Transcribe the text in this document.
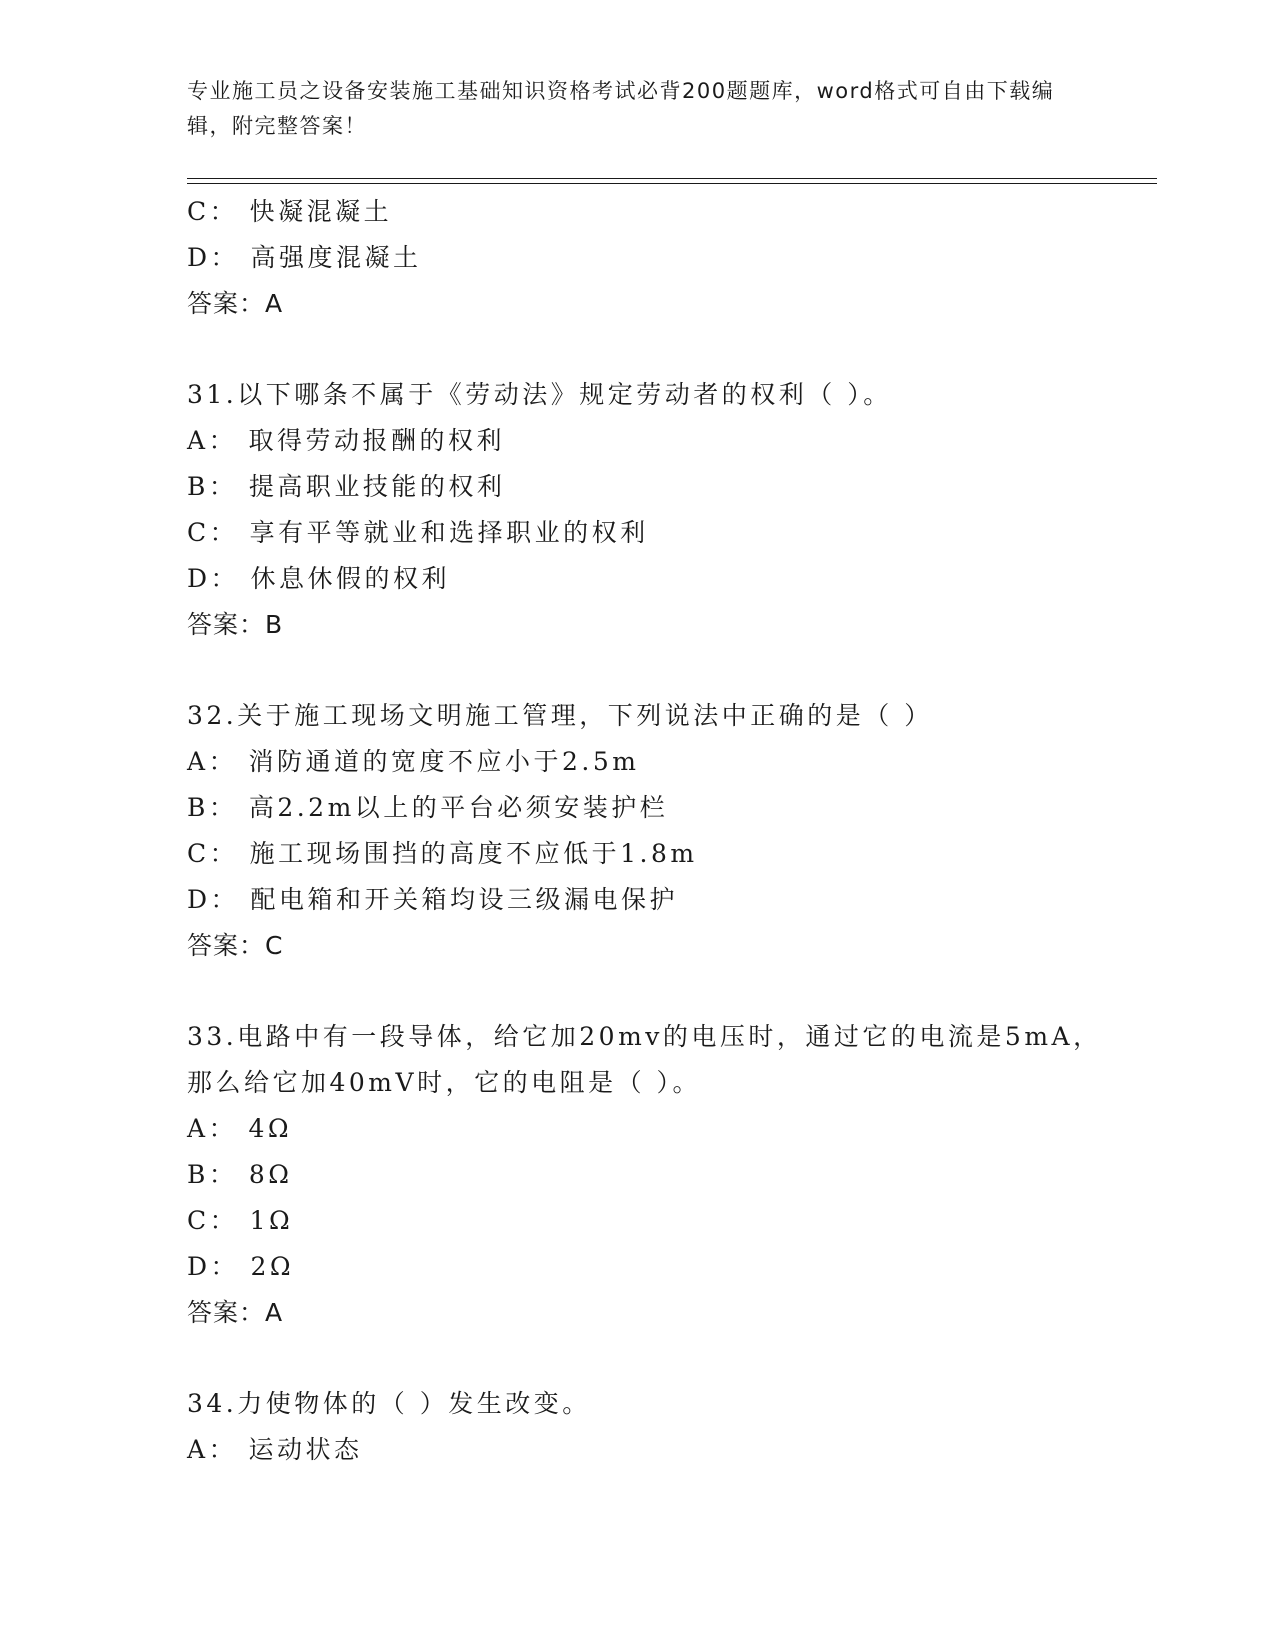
专业施工员之设备安装施工基础知识资格考试必背200题题库，word格式可自由下载编辑，附完整答案！
C： 快凝混凝土
D： 高强度混凝土
答案：A
31.以下哪条不属于《劳动法》规定劳动者的权利（ ）。
A： 取得劳动报酬的权利
B： 提高职业技能的权利
C： 享有平等就业和选择职业的权利
D： 休息休假的权利
答案：B
32.关于施工现场文明施工管理，下列说法中正确的是（ ）
A： 消防通道的宽度不应小于2.5m
B： 高2.2m以上的平台必须安装护栏
C： 施工现场围挡的高度不应低于1.8m
D： 配电箱和开关箱均设三级漏电保护
答案：C
33.电路中有一段导体，给它加20mv的电压时，通过它的电流是5mA，
那么给它加40mV时，它的电阻是（ ）。
A： 4Ω
B： 8Ω
C： 1Ω
D： 2Ω
答案：A
34.力使物体的（ ）发生改变。
A： 运动状态
